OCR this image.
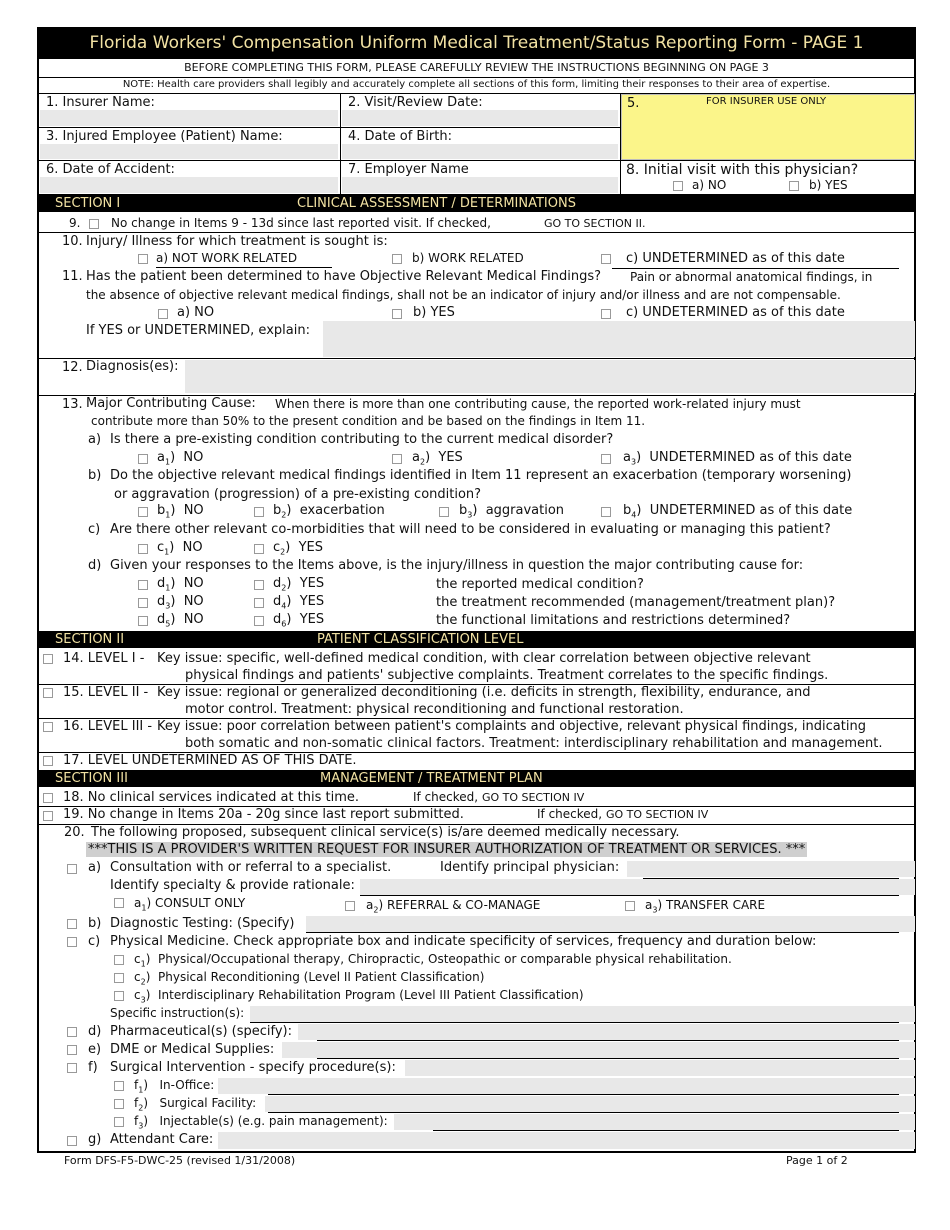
Florida Workers' Compensation Uniform Medical Treatment/Status Reporting Form - PAGE 1
BEFORE COMPLETING THIS FORM, PLEASE CAREFULLY REVIEW THE INSTRUCTIONS BEGINNING ON PAGE 3
NOTE: Health care providers shall legibly and accurately complete all sections of this form, limiting their responses to their area of expertise.
1. Insurer Name:	2. Visit/Review Date:	5.	FOR INSURER USE ONLY
3. Injured Employee (Patient) Name:	4. Date of Birth:
6. Date of Accident:	7. Employer Name	8. Initial visit with this physician?
a) NO	b) YES
SECTION I	CLINICAL ASSESSMENT / DETERMINATIONS
9.	No change in Items 9 - 13d since last reported visit. If checked,	GO TO SECTION II.
10. Injury/ Illness for which treatment is sought is:
a) NOT WORK RELATED	b) WORK RELATED	c) UNDETERMINED as of this date
11. Has the patient been determined to have Objective Relevant Medical Findings? Pain or abnormal anatomical findings, in
the absence of objective relevant medical findings, shall not be an indicator of injury and/or illness and are not compensable.
a) NO	b) YES	c) UNDETERMINED as of this date
If YES or UNDETERMINED, explain:
12. Diagnosis(es):
13. Major Contributing Cause: When there is more than one contributing cause, the reported work-related injury must
contribute more than 50% to the present condition and be based on the findings in Item 11.
a) Is there a pre-existing condition contributing to the current medical disorder?
$a_1$)  NO	$a_2$)  YES	$a_3$)  UNDETERMINED as of this date
b) Do the objective relevant medical findings identified in Item 11 represent an exacerbation (temporary worsening)
or aggravation (progression) of a pre-existing condition?
$b_1$)  NO	$b_2$)  exacerbation	$b_3$)  aggravation	$b_4$)  UNDETERMINED as of this date
c) Are there other relevant co-morbidities that will need to be considered in evaluating or managing this patient?
$c_1$)  NO	$c_2$)  YES
d) Given your responses to the Items above, is the injury/illness in question the major contributing cause for:
$d_1$)  NO	$d_2$)  YES	the reported medical condition?
$d_3$)  NO	$d_4$)  YES	the treatment recommended (management/treatment plan)?
$d_5$)  NO	$d_6$)  YES	the functional limitations and restrictions determined?
SECTION II	PATIENT CLASSIFICATION LEVEL
14. LEVEL I - Key issue: specific, well-defined medical condition, with clear correlation between objective relevant
physical findings and patients' subjective complaints. Treatment correlates to the specific findings.
15. LEVEL II - Key issue: regional or generalized deconditioning (i.e. deficits in strength, flexibility, endurance, and
motor control. Treatment: physical reconditioning and functional restoration.
16. LEVEL III - Key issue: poor correlation between patient's complaints and objective, relevant physical findings, indicating
both somatic and non-somatic clinical factors. Treatment: interdisciplinary rehabilitation and management.
17. LEVEL UNDETERMINED AS OF THIS DATE.
SECTION III	MANAGEMENT / TREATMENT PLAN
18. No clinical services indicated at this time.	If checked, GO TO SECTION IV
19. No change in Items 20a - 20g since last report submitted.	If checked, GO TO SECTION IV
20. The following proposed, subsequent clinical service(s) is/are deemed medically necessary.
***THIS IS A PROVIDER'S WRITTEN REQUEST FOR INSURER AUTHORIZATION OF TREATMENT OR SERVICES. ***
a) Consultation with or referral to a specialist.	Identify principal physician:
Identify specialty & provide rationale:
$a_1$) CONSULT ONLY	$a_2$) REFERRAL & CO-MANAGE	$a_3$) TRANSFER CARE
b) Diagnostic Testing: (Specify)
c) Physical Medicine. Check appropriate box and indicate specificity of services, frequency and duration below:
$c_1$)  Physical/Occupational therapy, Chiropractic, Osteopathic or comparable physical rehabilitation.
$c_2$)  Physical Reconditioning (Level II Patient Classification)
$c_3$)  Interdisciplinary Rehabilitation Program (Level III Patient Classification)
Specific instruction(s):
d) Pharmaceutical(s) (specify):
e) DME or Medical Supplies:
f) Surgical Intervention - specify procedure(s):
$f_1$)   In-Office:
$f_2$)   Surgical Facility:
$f_3$)   Injectable(s) (e.g. pain management):
g) Attendant Care:
Form DFS-F5-DWC-25 (revised 1/31/2008)	Page 1 of 2
